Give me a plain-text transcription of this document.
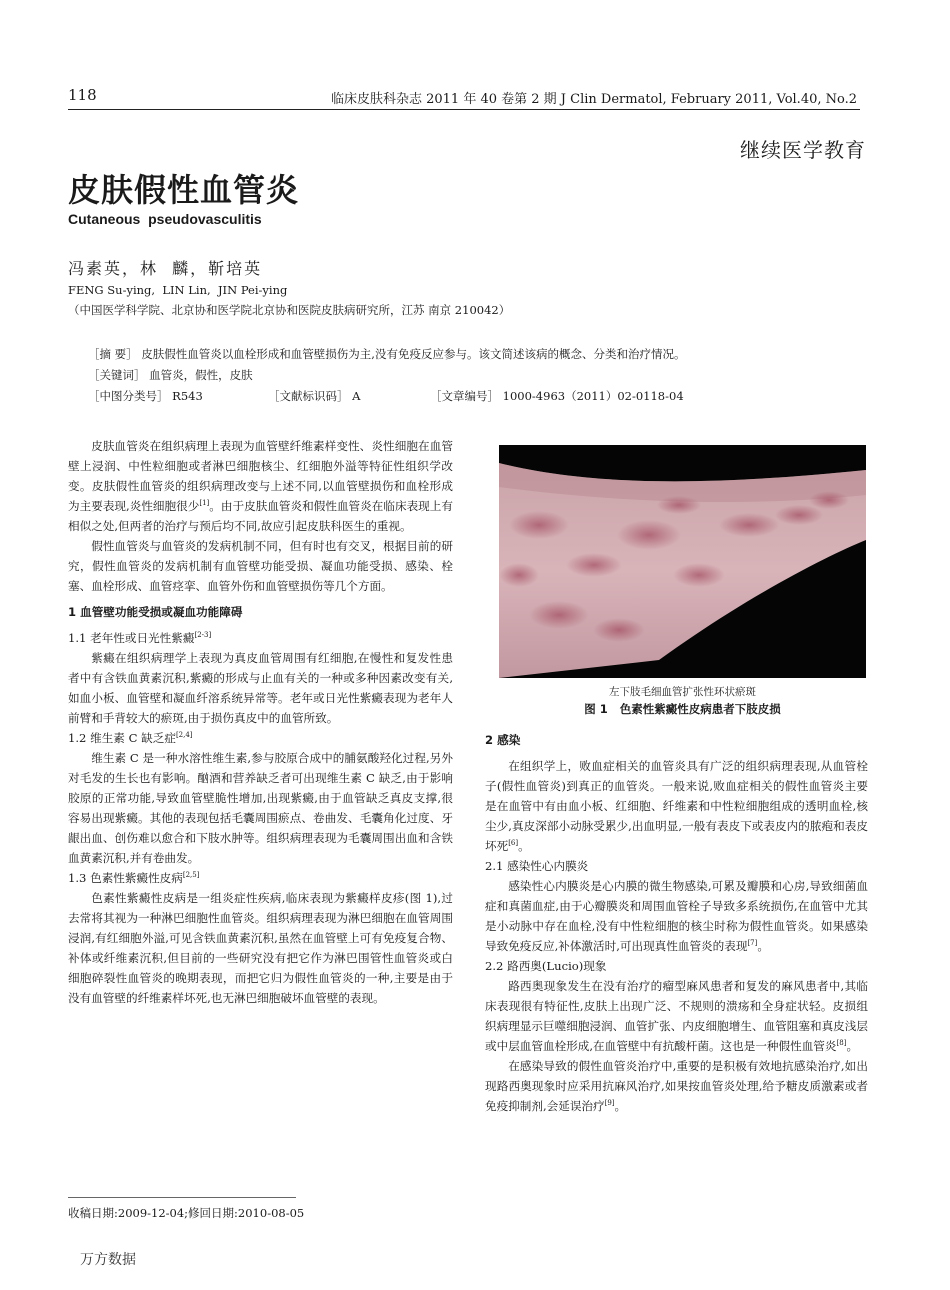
118	临床皮肤科杂志 2011 年 40 卷第 2 期 J Clin Dermatol, February 2011, Vol.40, No.2
继续医学教育
皮肤假性血管炎
Cutaneous  pseudovasculitis
冯素英，林  麟，靳培英
FENG Su-ying,  LIN Lin,  JIN Pei-ying
（中国医学科学院、北京协和医学院北京协和医院皮肤病研究所，江苏 南京 210042）
［摘 要］ 皮肤假性血管炎以血栓形成和血管壁损伤为主,没有免疫反应参与。该文简述该病的概念、分类和治疗情况。
［关键词］ 血管炎，假性，皮肤
［中图分类号］ R543	［文献标识码］ A	［文章编号］ 1000-4963（2011）02-0118-04

皮肤血管炎在组织病理上表现为血管壁纤维素样变性、炎性细胞在血管壁上浸润、中性粒细胞或者淋巴细胞核尘、红细胞外溢等特征性组织学改变。皮肤假性血管炎的组织病理改变与上述不同,以血管壁损伤和血栓形成为主要表现,炎性细胞很少[1]。由于皮肤血管炎和假性血管炎在临床表现上有相似之处,但两者的治疗与预后均不同,故应引起皮肤科医生的重视。

假性血管炎与血管炎的发病机制不同，但有时也有交叉，根据目前的研究，假性血管炎的发病机制有血管壁功能受损、凝血功能受损、感染、栓塞、血栓形成、血管痉挛、血管外伤和血管壁损伤等几个方面。

1 血管壁功能受损或凝血功能障碍
1.1 老年性或日光性紫癜[2-3]

紫癜在组织病理学上表现为真皮血管周围有红细胞,在慢性和复发性患者中有含铁血黄素沉积,紫癜的形成与止血有关的一种或多种因素改变有关,如血小板、血管壁和凝血纤溶系统异常等。老年或日光性紫癜表现为老年人前臂和手背较大的瘀斑,由于损伤真皮中的血管所致。

1.2 维生素 C 缺乏症[2,4]

维生素 C 是一种水溶性维生素,参与胶原合成中的脯氨酸羟化过程,另外对毛发的生长也有影响。酗酒和营养缺乏者可出现维生素 C 缺乏,由于影响胶原的正常功能,导致血管壁脆性增加,出现紫癜,由于血管缺乏真皮支撑,很容易出现紫癜。其他的表现包括毛囊周围瘀点、卷曲发、毛囊角化过度、牙龈出血、创伤难以愈合和下肢水肿等。组织病理表现为毛囊周围出血和含铁血黄素沉积,并有卷曲发。

1.3 色素性紫癜性皮病[2,5]

色素性紫癜性皮病是一组炎症性疾病,临床表现为紫癜样皮疹(图 1),过去常将其视为一种淋巴细胞性血管炎。组织病理表现为淋巴细胞在血管周围浸润,有红细胞外溢,可见含铁血黄素沉积,虽然在血管壁上可有免疫复合物、补体或纤维素沉积,但目前的一些研究没有把它作为淋巴围管性血管炎或白细胞碎裂性血管炎的晚期表现，而把它归为假性血管炎的一种,主要是由于没有血管壁的纤维素样坏死,也无淋巴细胞破坏血管壁的表现。

左下肢毛细血管扩张性环状瘀斑
图 1   色素性紫癜性皮病患者下肢皮损
2 感染

在组织学上，败血症相关的血管炎具有广泛的组织病理表现,从血管栓子(假性血管炎)到真正的血管炎。一般来说,败血症相关的假性血管炎主要是在血管中有由血小板、红细胞、纤维素和中性粒细胞组成的透明血栓,核尘少,真皮深部小动脉受累少,出血明显,一般有表皮下或表皮内的脓疱和表皮坏死[6]。

2.1 感染性心内膜炎

感染性心内膜炎是心内膜的微生物感染,可累及瓣膜和心房,导致细菌血症和真菌血症,由于心瓣膜炎和周围血管栓子导致多系统损伤,在血管中尤其是小动脉中存在血栓,没有中性粒细胞的核尘时称为假性血管炎。如果感染导致免疫反应,补体激活时,可出现真性血管炎的表现[7]。

2.2 路西奥(Lucio)现象

路西奥现象发生在没有治疗的瘤型麻风患者和复发的麻风患者中,其临床表现很有特征性,皮肤上出现广泛、不规则的溃疡和全身症状轻。皮损组织病理显示巨噬细胞浸润、血管扩张、内皮细胞增生、血管阻塞和真皮浅层或中层血管血栓形成,在血管壁中有抗酸杆菌。这也是一种假性血管炎[8]。

在感染导致的假性血管炎治疗中,重要的是积极有效地抗感染治疗,如出现路西奥现象时应采用抗麻风治疗,如果按血管炎处理,给予糖皮质激素或者免疫抑制剂,会延误治疗[9]。

收稿日期:2009-12-04;修回日期:2010-08-05
万方数据
